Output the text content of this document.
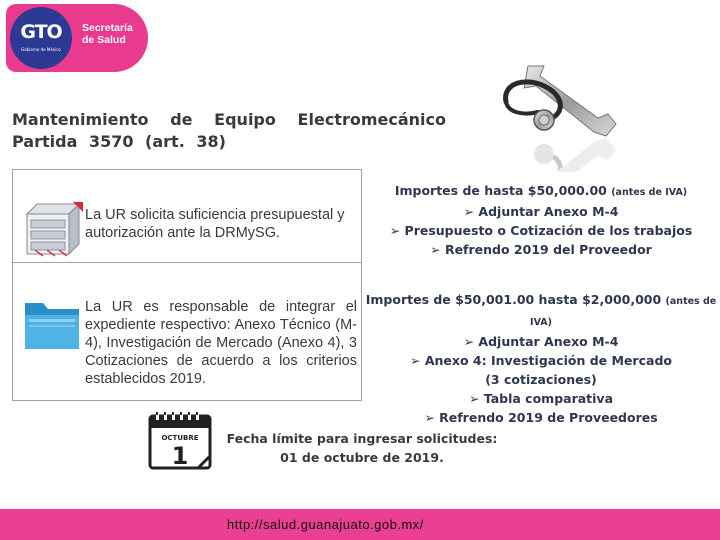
GTO
Gobierno de México
Secretaría de Salud
Mantenimiento de Equipo Electromecánico Partida 3570 (art. 38)
La UR solicita suficiencia presupuestal y autorización ante la DRMySG.
La UR es responsable de integrar el expediente respectivo: Anexo Técnico (M-4), Investigación de Mercado (Anexo 4), 3 Cotizaciones de acuerdo a los criterios establecidos 2019.
Importes de hasta $50,000.00 (antes de IVA)
➢ Adjuntar Anexo M-4
➢ Presupuesto o Cotización de los trabajos
➢ Refrendo 2019 del Proveedor
Importes de $50,001.00 hasta $2,000,000 (antes de IVA)
➢ Adjuntar Anexo M-4
➢ Anexo 4: Investigación de Mercado (3 cotizaciones)
➢ Tabla comparativa
➢ Refrendo 2019 de Proveedores
OCTUBRE
1
Fecha límite para ingresar solicitudes: 01 de octubre de 2019.
http://salud.guanajuato.gob.mx/
